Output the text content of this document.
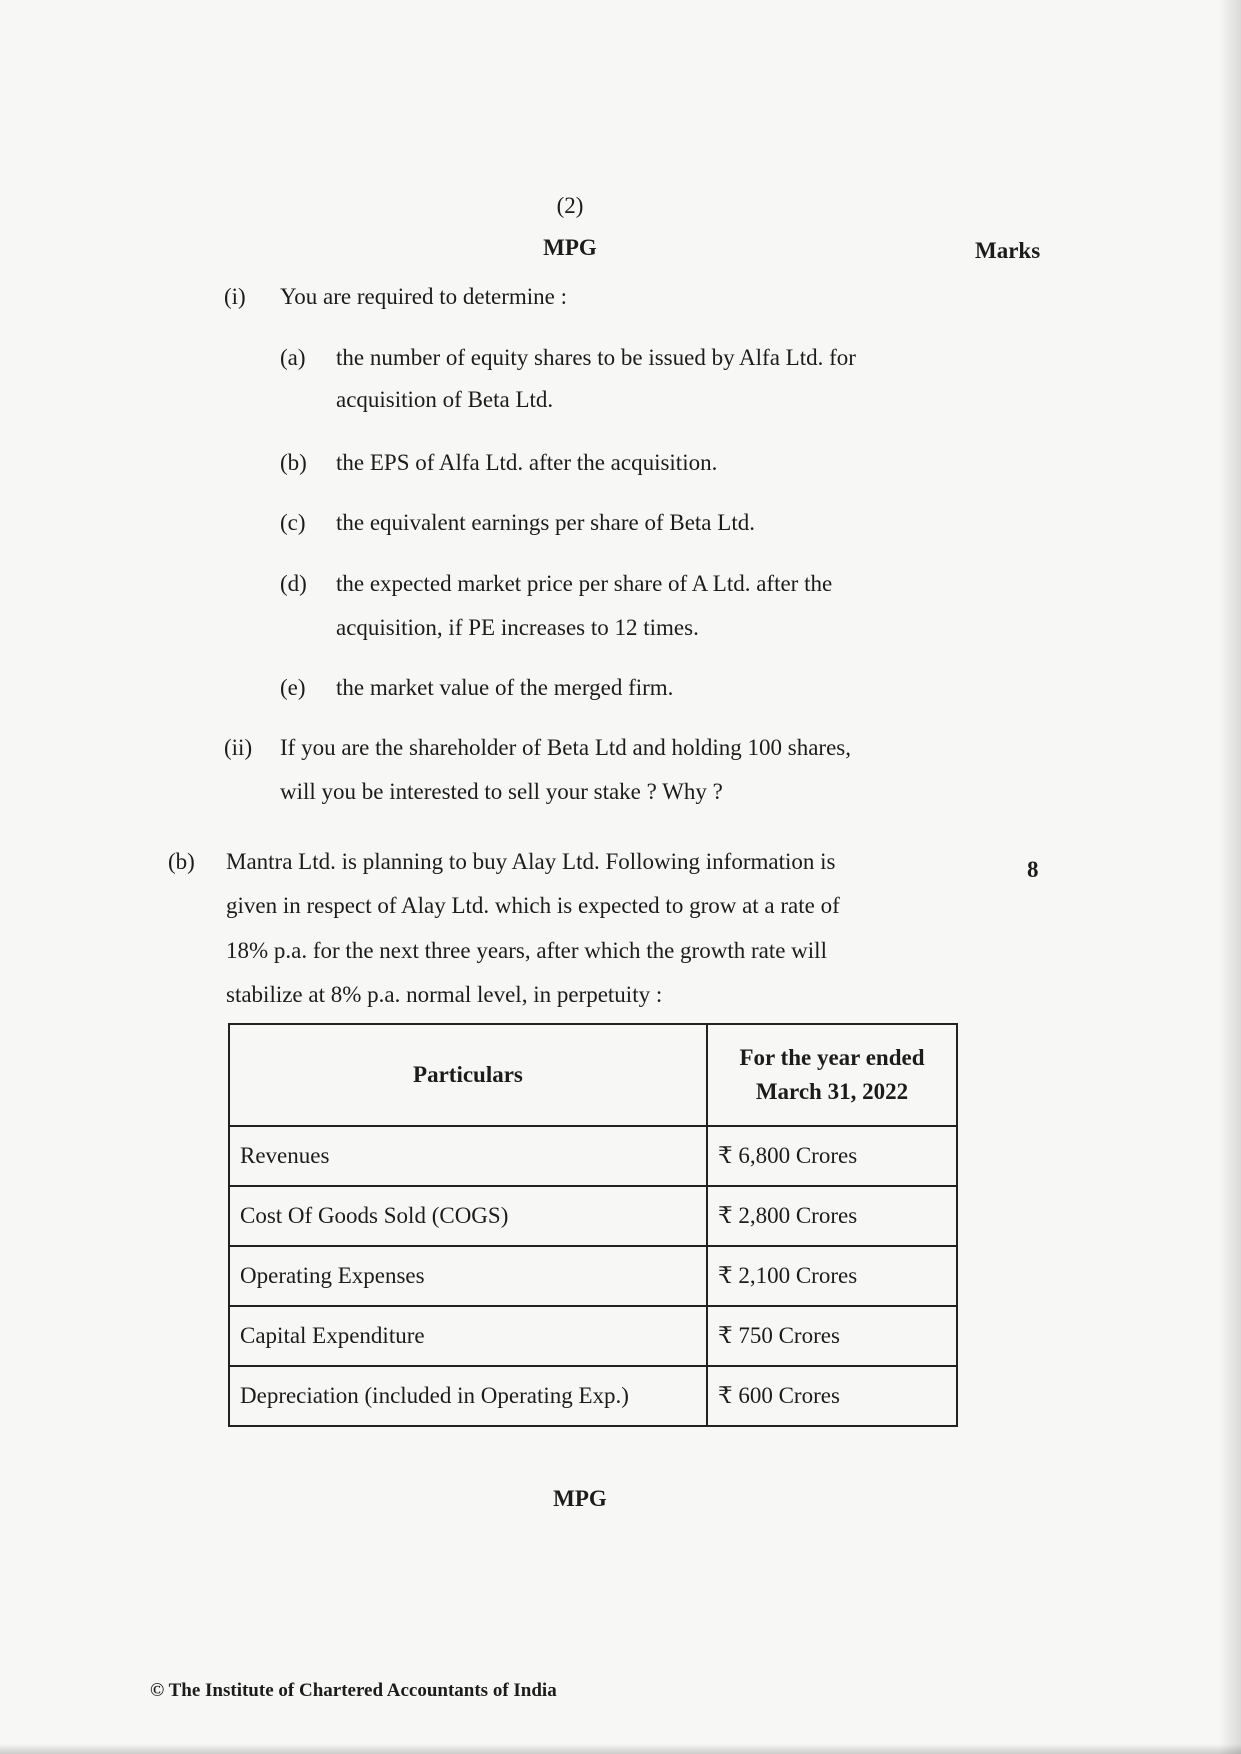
(2)
MPG	Marks
(i) You are required to determine :
(a) the number of equity shares to be issued by Alfa Ltd. for
acquisition of Beta Ltd.
(b) the EPS of Alfa Ltd. after the acquisition.
(c) the equivalent earnings per share of Beta Ltd.
(d) the expected market price per share of A Ltd. after the
acquisition, if PE increases to 12 times.
(e) the market value of the merged firm.
(ii) If you are the shareholder of Beta Ltd and holding 100 shares,
will you be interested to sell your stake ? Why ?
(b)	8
Mantra Ltd. is planning to buy Alay Ltd. Following information is
given in respect of Alay Ltd. which is expected to grow at a rate of
18% p.a. for the next three years, after which the growth rate will
stabilize at 8% p.a. normal level, in perpetuity :
Particulars	For the year ended
March 31, 2022

Revenues	₹ 6,800 Crores
Cost Of Goods Sold (COGS)	₹ 2,800 Crores
Operating Expenses	₹ 2,100 Crores
Capital Expenditure	₹ 750 Crores
Depreciation (included in Operating Exp.)	₹ 600 Crores
MPG
© The Institute of Chartered Accountants of India
